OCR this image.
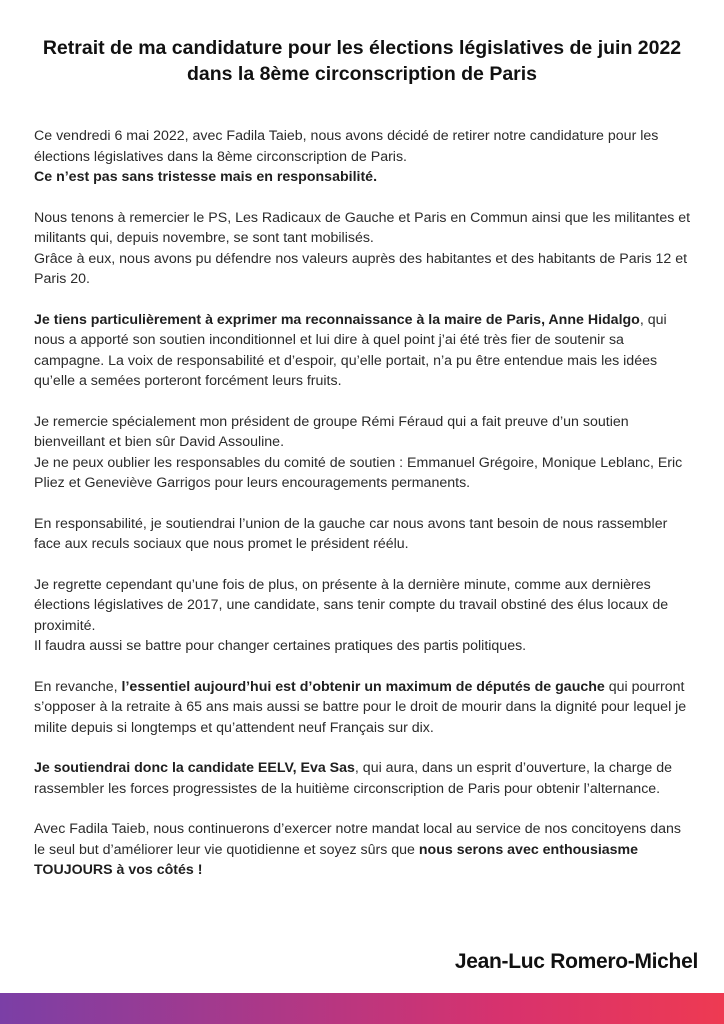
Retrait de ma candidature pour les élections législatives de juin 2022 dans la 8ème circonscription de Paris

Ce vendredi 6 mai 2022, avec Fadila Taieb, nous avons décidé de retirer notre candidature pour les élections législatives dans la 8ème circonscription de Paris.
Ce n’est pas sans tristesse mais en responsabilité.

Nous tenons à remercier le PS, Les Radicaux de Gauche et Paris en Commun ainsi que les militantes et militants qui, depuis novembre, se sont tant mobilisés.
Grâce à eux, nous avons pu défendre nos valeurs auprès des habitantes et des habitants de Paris 12 et Paris 20.

Je tiens particulièrement à exprimer ma reconnaissance à la maire de Paris, Anne Hidalgo, qui nous a apporté son soutien inconditionnel et lui dire à quel point j’ai été très fier de soutenir sa campagne. La voix de responsabilité et d’espoir, qu’elle portait, n’a pu être entendue mais les idées qu’elle a semées porteront forcément leurs fruits.

Je remercie spécialement mon président de groupe Rémi Féraud qui a fait preuve d’un soutien bienveillant et bien sûr David Assouline.
Je ne peux oublier les responsables du comité de soutien : Emmanuel Grégoire, Monique Leblanc, Eric Pliez et Geneviève Garrigos pour leurs encouragements permanents.

En responsabilité, je soutiendrai l’union de la gauche car nous avons tant besoin de nous rassembler face aux reculs sociaux que nous promet le président réélu.

Je regrette cependant qu’une fois de plus, on présente à la dernière minute, comme aux dernières élections législatives de 2017, une candidate, sans tenir compte du travail obstiné des élus locaux de proximité.
Il faudra aussi se battre pour changer certaines pratiques des partis politiques.

En revanche, l’essentiel aujourd’hui est d’obtenir un maximum de députés de gauche qui pourront s’opposer à la retraite à 65 ans mais aussi se battre pour le droit de mourir dans la dignité pour lequel je milite depuis si longtemps et qu’attendent neuf Français sur dix.

Je soutiendrai donc la candidate EELV, Eva Sas, qui aura, dans un esprit d’ouverture, la charge de rassembler les forces progressistes de la huitième circonscription de Paris pour obtenir l’alternance.

Avec Fadila Taieb, nous continuerons d’exercer notre mandat local au service de nos concitoyens dans le seul but d’améliorer leur vie quotidienne et soyez sûrs que nous serons avec enthousiasme TOUJOURS à vos côtés !

Jean-Luc Romero-Michel
